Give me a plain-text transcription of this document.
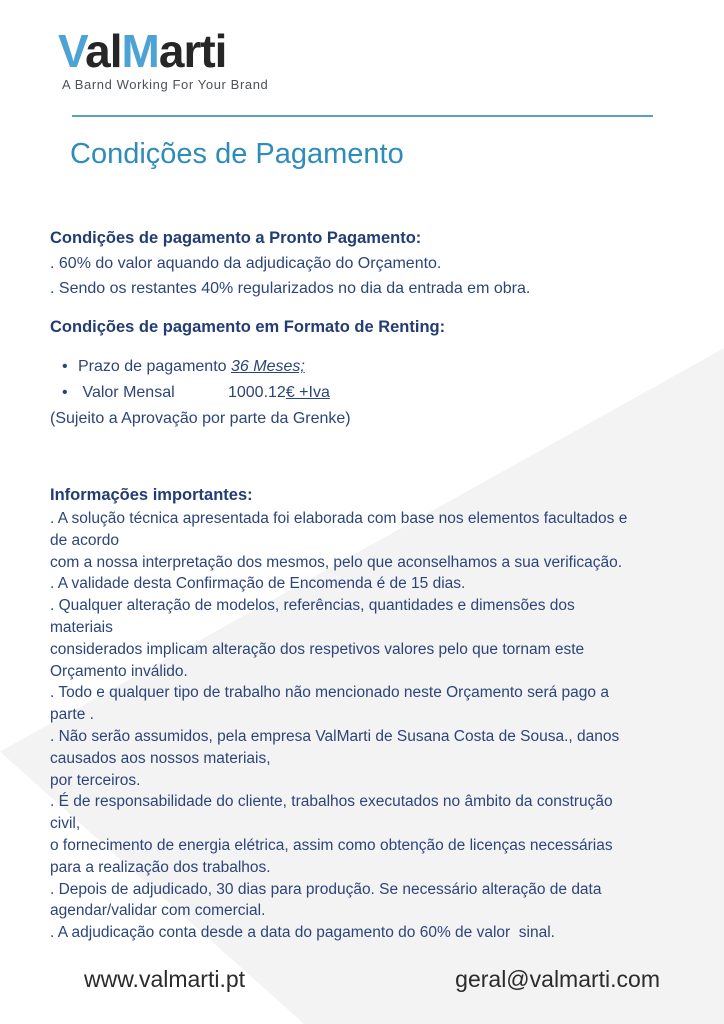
ValMarti
A Barnd Working For Your Brand
Condições de Pagamento
Condições de pagamento a Pronto Pagamento:
. 60% do valor aquando da adjudicação do Orçamento.
. Sendo os restantes 40% regularizados no dia da entrada em obra.
Condições de pagamento em Formato de Renting:
• Prazo de pagamento 36 Meses;
• Valor Mensal            1000.12€ +Iva
(Sujeito a Aprovação por parte da Grenke)
Informações importantes:
. A solução técnica apresentada foi elaborada com base nos elementos facultados e
de acordo
com a nossa interpretação dos mesmos, pelo que aconselhamos a sua verificação.
. A validade desta Confirmação de Encomenda é de 15 dias.
. Qualquer alteração de modelos, referências, quantidades e dimensões dos
materiais
considerados implicam alteração dos respetivos valores pelo que tornam este
Orçamento inválido.
. Todo e qualquer tipo de trabalho não mencionado neste Orçamento será pago a
parte .
. Não serão assumidos, pela empresa ValMarti de Susana Costa de Sousa., danos
causados aos nossos materiais,
por terceiros.
. É de responsabilidade do cliente, trabalhos executados no âmbito da construção
civil,
o fornecimento de energia elétrica, assim como obtenção de licenças necessárias
para a realização dos trabalhos.
. Depois de adjudicado, 30 dias para produção. Se necessário alteração de data
agendar/validar com comercial.
. A adjudicação conta desde a data do pagamento do 60% de valor  sinal.
www.valmarti.pt	geral@valmarti.com
